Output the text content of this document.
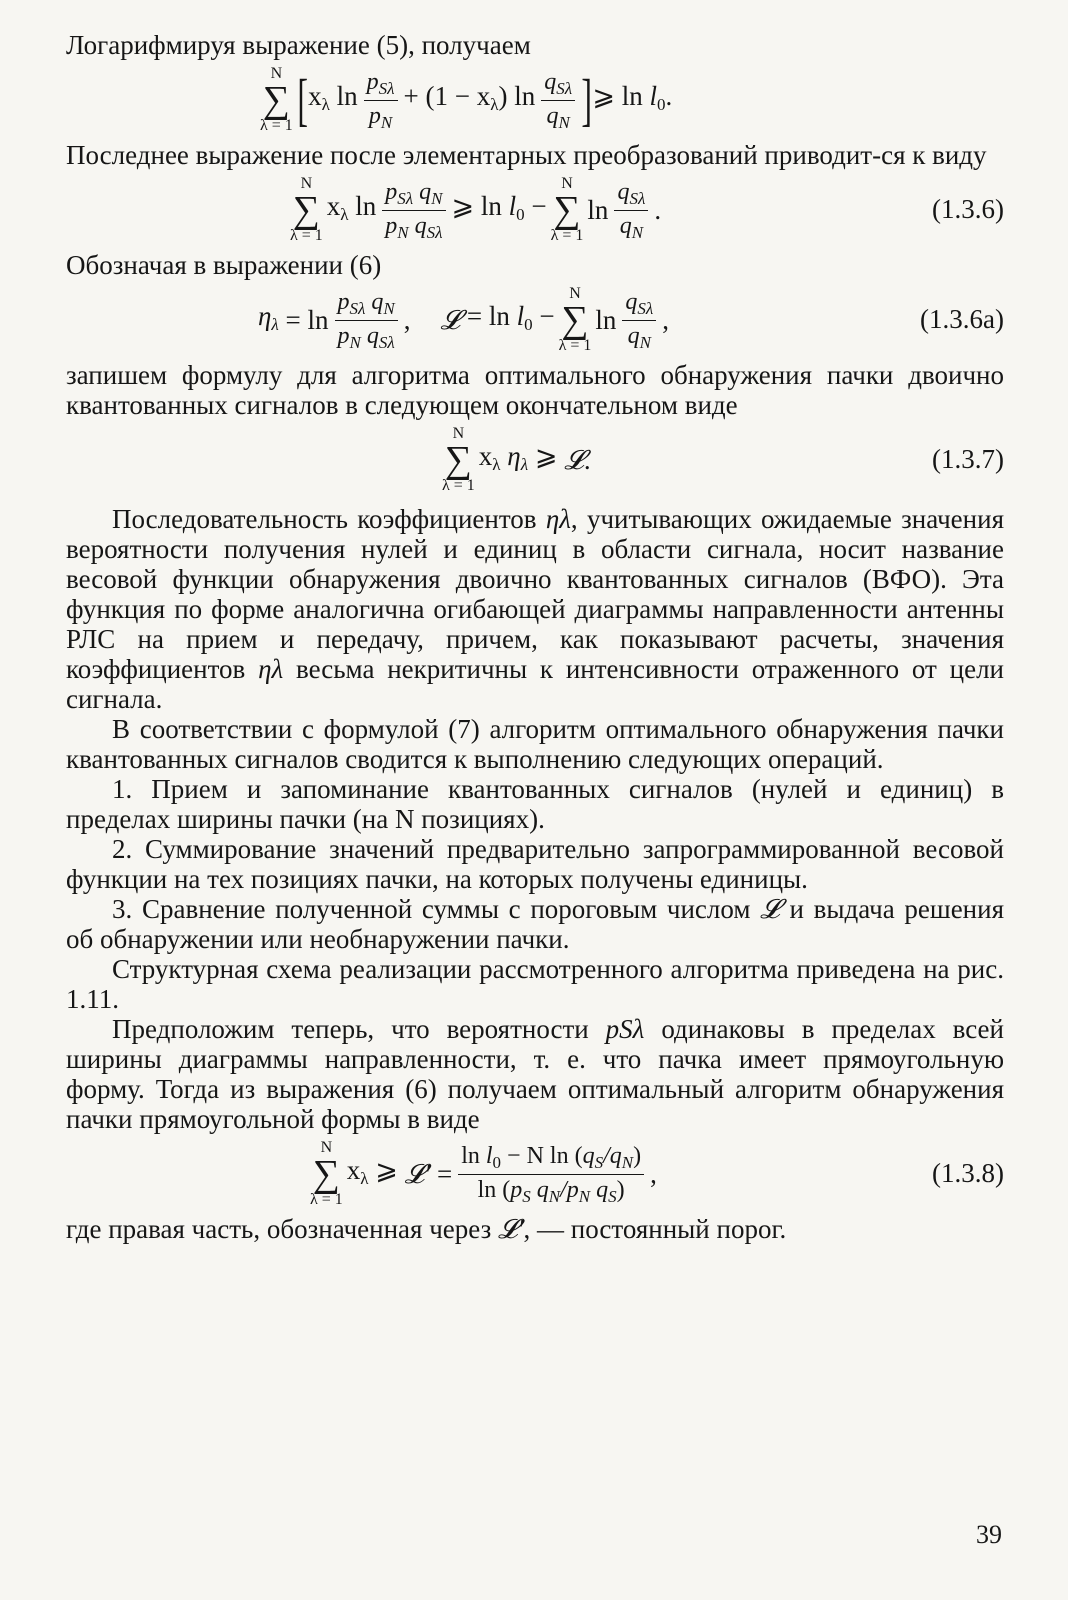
Логарифмируя выражение (5), получаем

N
∑
λ = 1 [ $x_\lambda$ $\ln \frac{p_{S\lambda}}{p_N} + (1 - x_\lambda)$ $\ln \frac{q_{S\lambda}}{q_N}$ ] ⩾ $\ln l_0$.

Последнее выражение после элементарных преобразований приводит-ся к виду

N
∑
λ = 1
$x_\lambda$ $\ln \frac{p_{S\lambda} q_N}{p_N q_{S\lambda}}$ ⩾ $\ln l_0$ −
N
∑
λ = 1
$\ln \frac{q_{S\lambda}}{q_N}$ .	(1.3.6)

Обозначая в выражении (6)

$\eta_\lambda = \ln \frac{p_{S\lambda} q_N}{p_N q_{S\lambda}}$ , 𝓛 = $\ln l_0$ −
N
∑
λ = 1
$\ln \frac{q_{S\lambda}}{q_N}$ ,	(1.3.6a)

запишем формулу для алгоритма оптимального обнаружения пачки двоично квантованных сигналов в следующем окончательном виде

N
∑
λ = 1
$x_\lambda$ $\eta_\lambda$ ⩾
𝓛 .	(1.3.7)

Последовательность коэффициентов ηλ, учитывающих ожидаемые значения вероятности получения нулей и единиц в области сигнала, носит название весовой функции обнаружения двоично квантованных сигналов (ВФО). Эта функция по форме аналогична огибающей диаграммы направленности антенны РЛС на прием и передачу, причем, как показывают расчеты, значения коэффициентов ηλ весьма некритичны к интенсивности отраженного от цели сигнала.

В соответствии с формулой (7) алгоритм оптимального обнаружения пачки квантованных сигналов сводится к выполнению следующих операций.

1. Прием и запоминание квантованных сигналов (нулей и единиц) в пределах ширины пачки (на N позициях).

2. Суммирование значений предварительно запрограммированной весовой функции на тех позициях пачки, на которых получены единицы.

3. Сравнение полученной суммы с пороговым числом 𝓛 и выдача решения об обнаружении или необнаружении пачки.

Структурная схема реализации рассмотренного алгоритма приведена на рис. 1.11.

Предположим теперь, что вероятности pSλ одинаковы в пределах всей ширины диаграммы направленности, т. е. что пачка имеет прямоугольную форму. Тогда из выражения (6) получаем оптимальный алгоритм обнаружения пачки прямоугольной формы в виде

N
∑
λ = 1
$x_\lambda$ ⩾
𝓛′ = $\frac{\ln l_0 - N \ln (q_S/q_N)}{\ln (p_S q_N/p_N q_S)}$ ,	(1.3.8)

где правая часть, обозначенная через 𝓛′, — постоянный порог.

39
